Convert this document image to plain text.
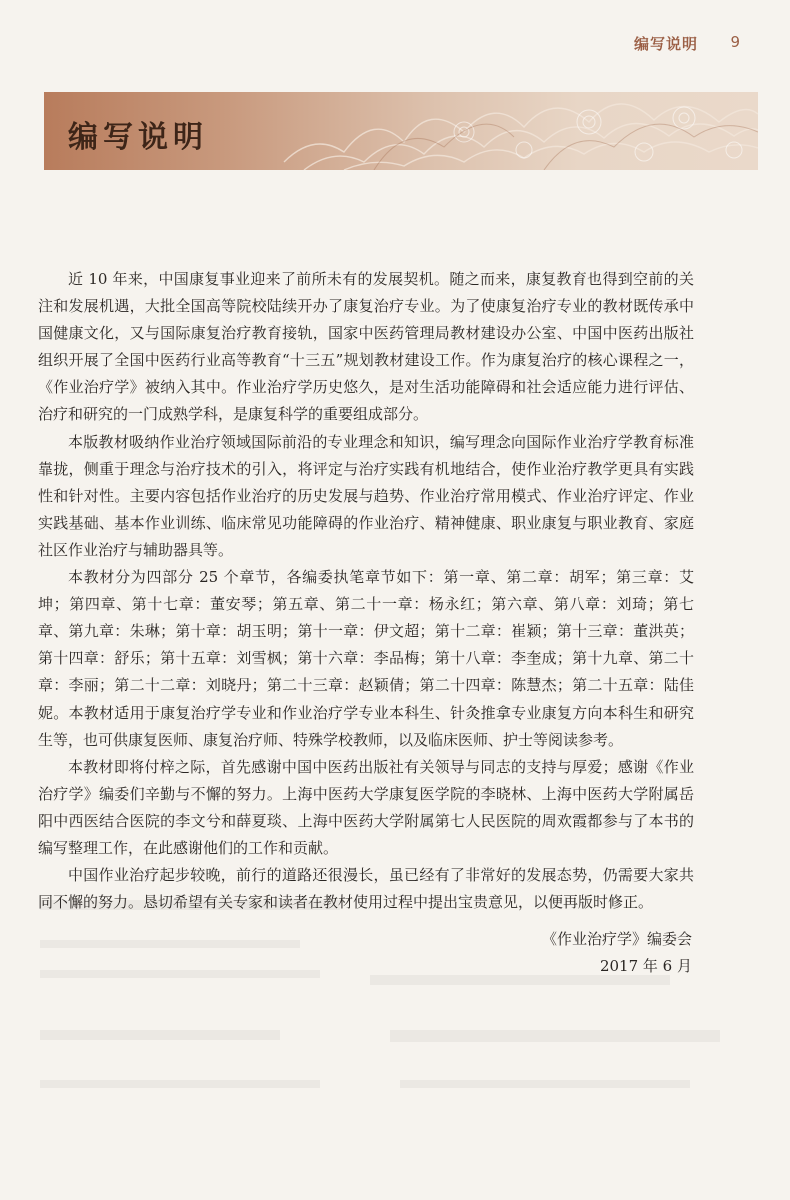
编写说明 9
编写说明

近 10 年来，中国康复事业迎来了前所未有的发展契机。随之而来，康复教育也得到空前的关注和发展机遇，大批全国高等院校陆续开办了康复治疗专业。为了使康复治疗专业的教材既传承中国健康文化，又与国际康复治疗教育接轨，国家中医药管理局教材建设办公室、中国中医药出版社组织开展了全国中医药行业高等教育“十三五”规划教材建设工作。作为康复治疗的核心课程之一，《作业治疗学》被纳入其中。作业治疗学历史悠久，是对生活功能障碍和社会适应能力进行评估、治疗和研究的一门成熟学科，是康复科学的重要组成部分。

本版教材吸纳作业治疗领域国际前沿的专业理念和知识，编写理念向国际作业治疗学教育标准靠拢，侧重于理念与治疗技术的引入，将评定与治疗实践有机地结合，使作业治疗教学更具有实践性和针对性。主要内容包括作业治疗的历史发展与趋势、作业治疗常用模式、作业治疗评定、作业实践基础、基本作业训练、临床常见功能障碍的作业治疗、精神健康、职业康复与职业教育、家庭社区作业治疗与辅助器具等。

本教材分为四部分 25 个章节，各编委执笔章节如下：第一章、第二章：胡军；第三章：艾坤；第四章、第十七章：董安琴；第五章、第二十一章：杨永红；第六章、第八章：刘琦；第七章、第九章：朱琳；第十章：胡玉明；第十一章：伊文超；第十二章：崔颖；第十三章：董洪英；第十四章：舒乐；第十五章：刘雪枫；第十六章：李品梅；第十八章：李奎成；第十九章、第二十章：李丽；第二十二章：刘晓丹；第二十三章：赵颖倩；第二十四章：陈慧杰；第二十五章：陆佳妮。本教材适用于康复治疗学专业和作业治疗学专业本科生、针灸推拿专业康复方向本科生和研究生等，也可供康复医师、康复治疗师、特殊学校教师，以及临床医师、护士等阅读参考。

本教材即将付梓之际，首先感谢中国中医药出版社有关领导与同志的支持与厚爱；感谢《作业治疗学》编委们辛勤与不懈的努力。上海中医药大学康复医学院的李晓林、上海中医药大学附属岳阳中西医结合医院的李文兮和薛夏琰、上海中医药大学附属第七人民医院的周欢霞都参与了本书的编写整理工作，在此感谢他们的工作和贡献。

中国作业治疗起步较晚，前行的道路还很漫长，虽已经有了非常好的发展态势，仍需要大家共同不懈的努力。恳切希望有关专家和读者在教材使用过程中提出宝贵意见，以便再版时修正。

《作业治疗学》编委会
2017 年 6 月
